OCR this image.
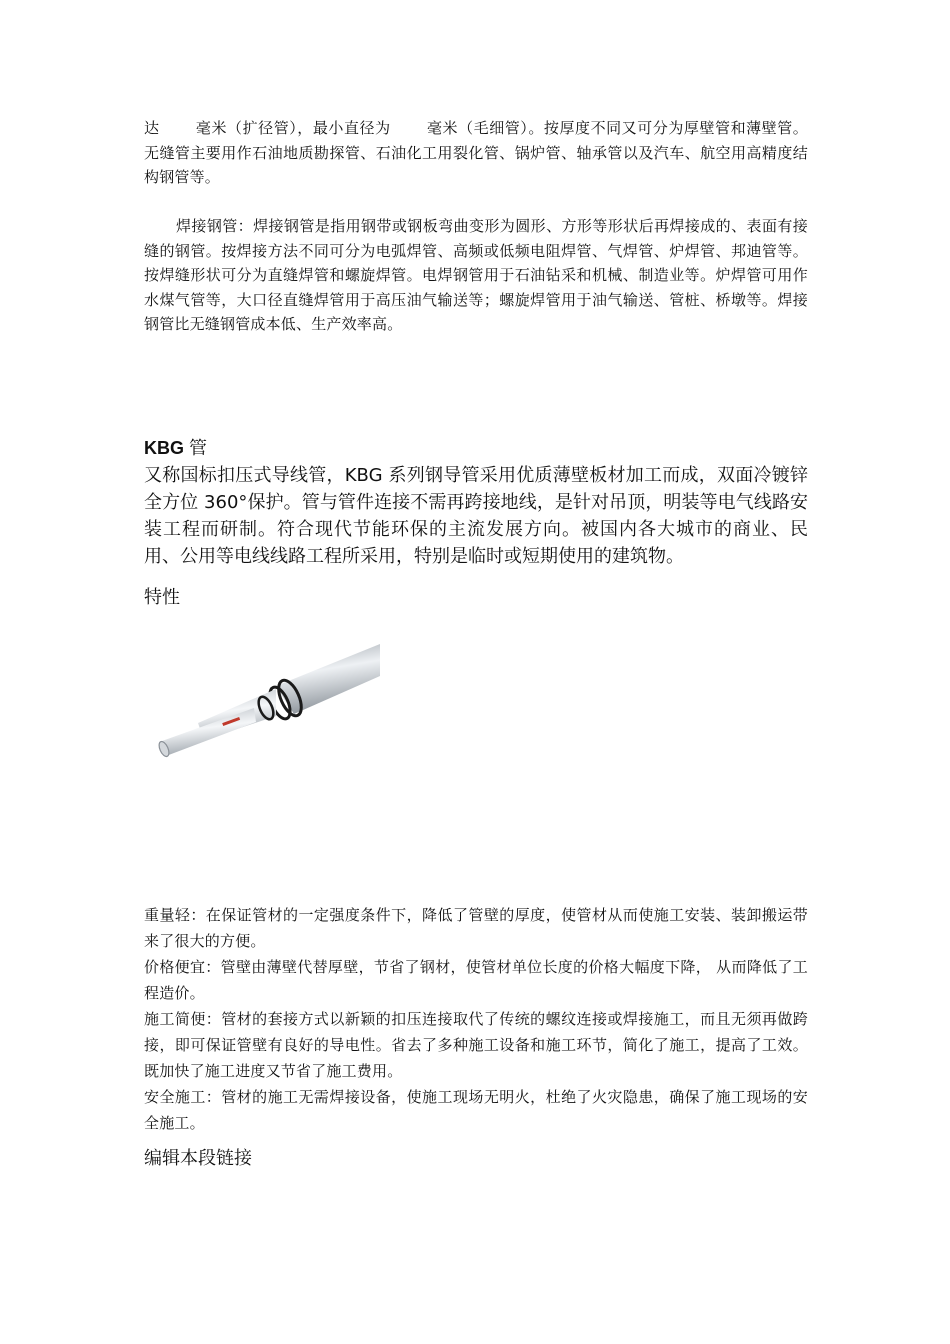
达 毫米（扩径管），最小直径为 毫米（毛细管）。按厚度不同又可分为厚壁管和薄壁管。无缝管主要用作石油地质勘探管、石油化工用裂化管、锅炉管、轴承管以及汽车、航空用高精度结构钢管等。

焊接钢管：焊接钢管是指用钢带或钢板弯曲变形为圆形、方形等形状后再焊接成的、表面有接缝的钢管。按焊接方法不同可分为电弧焊管、高频或低频电阻焊管、气焊管、炉焊管、邦迪管等。按焊缝形状可分为直缝焊管和螺旋焊管。电焊钢管用于石油钻采和机械、制造业等。炉焊管可用作水煤气管等，大口径直缝焊管用于高压油气输送等；螺旋焊管用于油气输送、管桩、桥墩等。焊接钢管比无缝钢管成本低、生产效率高。

KBG 管
又称国标扣压式导线管，KBG 系列钢导管采用优质薄壁板材加工而成，双面冷镀锌全方位 360°保护。管与管件连接不需再跨接地线，是针对吊顶，明装等电气线路安装工程而研制。符合现代节能环保的主流发展方向。被国内各大城市的商业、民用、公用等电线线路工程所采用，特别是临时或短期使用的建筑物。
特性

重量轻：在保证管材的一定强度条件下，降低了管壁的厚度，使管材从而使施工安装、装卸搬运带来了很大的方便。

价格便宜：管壁由薄壁代替厚壁，节省了钢材，使管材单位长度的价格大幅度下降， 从而降低了工程造价。

施工简便：管材的套接方式以新颖的扣压连接取代了传统的螺纹连接或焊接施工，而且无须再做跨接，即可保证管壁有良好的导电性。省去了多种施工设备和施工环节，简化了施工，提高了工效。既加快了施工进度又节省了施工费用。

安全施工：管材的施工无需焊接设备，使施工现场无明火，杜绝了火灾隐患，确保了施工现场的安全施工。

编辑本段链接
